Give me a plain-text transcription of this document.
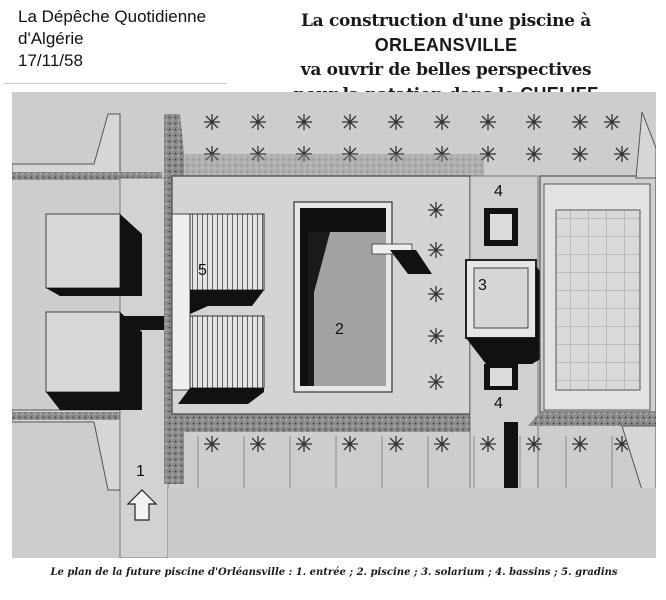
La Dépêche Quotidienne
d'Algérie
17/11/58
La construction d'une piscine à ORLEANSVILLE
va ouvrir de belles perspectives
1
2
3
4
4
5
Le plan de la future piscine d'Orléansville : 1. entrée ; 2. piscine ; 3. solarium ; 4. bassins ; 5. gradins
